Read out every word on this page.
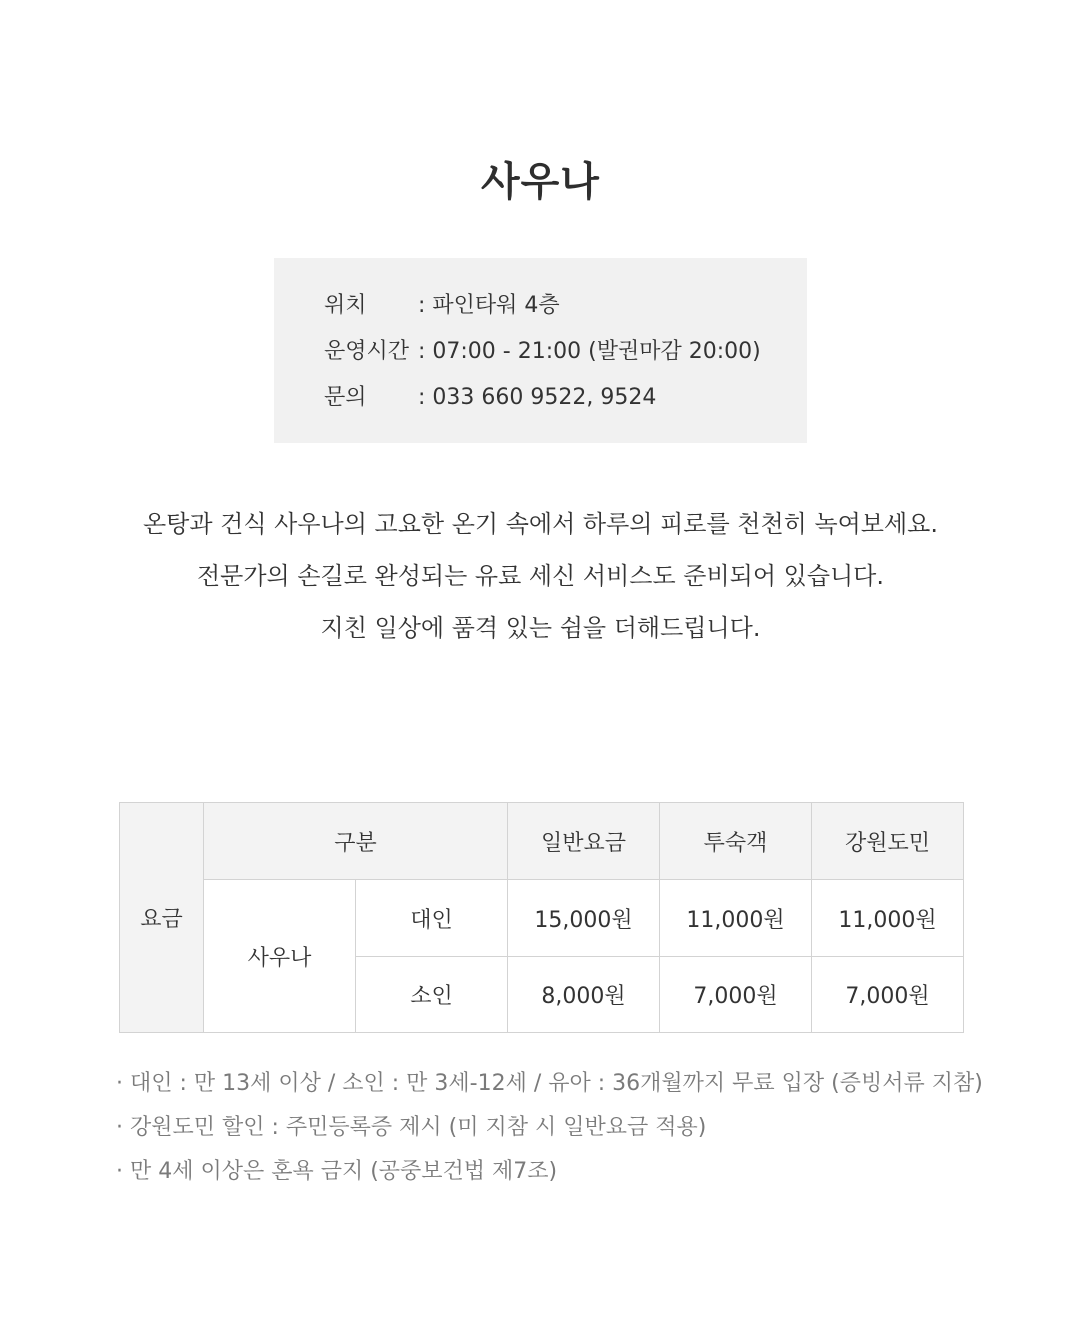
사우나
위치 : 파인타워 4층
운영시간 : 07:00 - 21:00 (발권마감 20:00)
문의 : 033 660 9522, 9524
온탕과 건식 사우나의 고요한 온기 속에서 하루의 피로를 천천히 녹여보세요.
전문가의 손길로 완성되는 유료 세신 서비스도 준비되어 있습니다.
지친 일상에 품격 있는 쉼을 더해드립니다.
요금	구분		일반요금	투숙객	강원도민
	사우나	대인	15,000원	11,000원	11,000원
		소인	8,000원	7,000원	7,000원
· 대인 : 만 13세 이상 / 소인 : 만 3세-12세 / 유아 : 36개월까지 무료 입장 (증빙서류 지참)
· 강원도민 할인 : 주민등록증 제시 (미 지참 시 일반요금 적용)
· 만 4세 이상은 혼욕 금지 (공중보건법 제7조)
